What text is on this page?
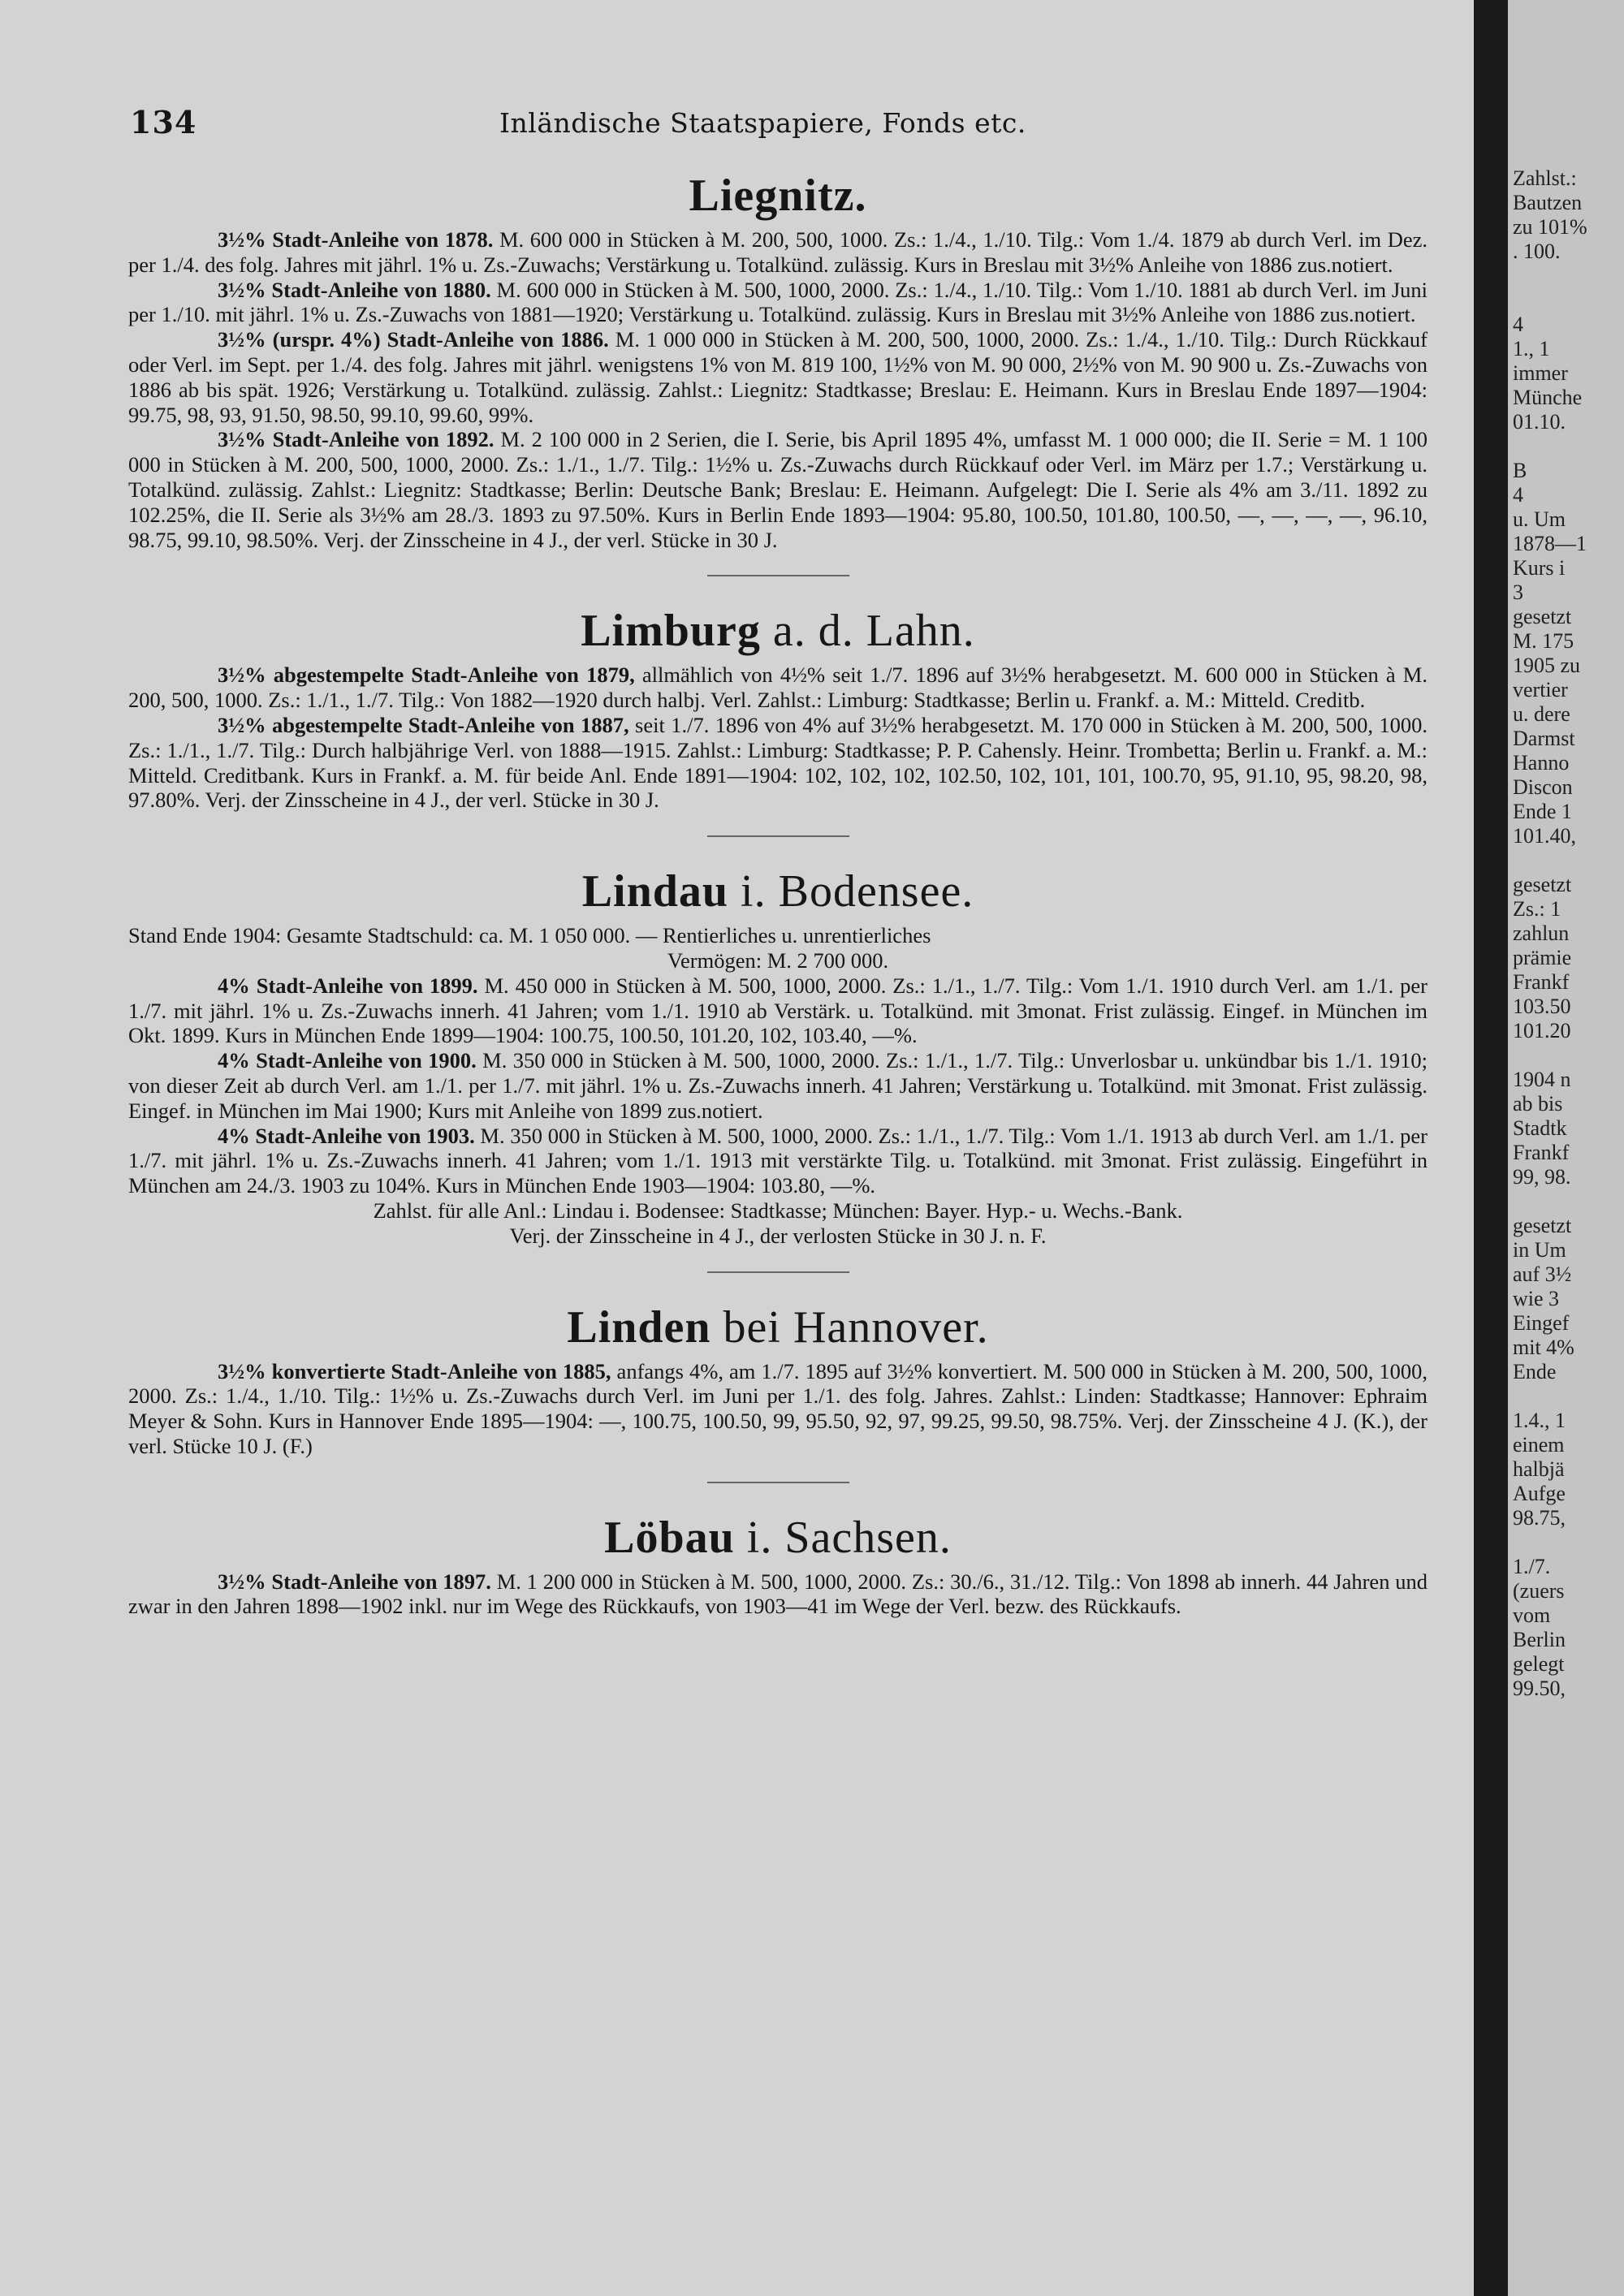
134	Inländische Staatspapiere, Fonds etc.
Liegnitz.

3½% Stadt-Anleihe von 1878. M. 600 000 in Stücken à M. 200, 500, 1000. Zs.: 1./4., 1./10. Tilg.: Vom 1./4. 1879 ab durch Verl. im Dez. per 1./4. des folg. Jahres mit jährl. 1% u. Zs.-Zuwachs; Verstärkung u. Totalkünd. zulässig. Kurs in Breslau mit 3½% Anleihe von 1886 zus.notiert.

3½% Stadt-Anleihe von 1880. M. 600 000 in Stücken à M. 500, 1000, 2000. Zs.: 1./4., 1./10. Tilg.: Vom 1./10. 1881 ab durch Verl. im Juni per 1./10. mit jährl. 1% u. Zs.-Zuwachs von 1881—1920; Verstärkung u. Totalkünd. zulässig. Kurs in Breslau mit 3½% Anleihe von 1886 zus.notiert.

3½% (urspr. 4%) Stadt-Anleihe von 1886. M. 1 000 000 in Stücken à M. 200, 500, 1000, 2000. Zs.: 1./4., 1./10. Tilg.: Durch Rückkauf oder Verl. im Sept. per 1./4. des folg. Jahres mit jährl. wenigstens 1% von M. 819 100, 1½% von M. 90 000, 2½% von M. 90 900 u. Zs.-Zuwachs von 1886 ab bis spät. 1926; Verstärkung u. Totalkünd. zulässig. Zahlst.: Liegnitz: Stadtkasse; Breslau: E. Heimann. Kurs in Breslau Ende 1897—1904: 99.75, 98, 93, 91.50, 98.50, 99.10, 99.60, 99%.

3½% Stadt-Anleihe von 1892. M. 2 100 000 in 2 Serien, die I. Serie, bis April 1895 4%, umfasst M. 1 000 000; die II. Serie = M. 1 100 000 in Stücken à M. 200, 500, 1000, 2000. Zs.: 1./1., 1./7. Tilg.: 1½% u. Zs.-Zuwachs durch Rückkauf oder Verl. im März per 1.7.; Verstärkung u. Totalkünd. zulässig. Zahlst.: Liegnitz: Stadtkasse; Berlin: Deutsche Bank; Breslau: E. Heimann. Aufgelegt: Die I. Serie als 4% am 3./11. 1892 zu 102.25%, die II. Serie als 3½% am 28./3. 1893 zu 97.50%. Kurs in Berlin Ende 1893—1904: 95.80, 100.50, 101.80, 100.50, —, —, —, —, 96.10, 98.75, 99.10, 98.50%. Verj. der Zinsscheine in 4 J., der verl. Stücke in 30 J.

Limburg a. d. Lahn.

3½% abgestempelte Stadt-Anleihe von 1879, allmählich von 4½% seit 1./7. 1896 auf 3½% herabgesetzt. M. 600 000 in Stücken à M. 200, 500, 1000. Zs.: 1./1., 1./7. Tilg.: Von 1882—1920 durch halbj. Verl. Zahlst.: Limburg: Stadtkasse; Berlin u. Frankf. a. M.: Mitteld. Creditb.

3½% abgestempelte Stadt-Anleihe von 1887, seit 1./7. 1896 von 4% auf 3½% herabgesetzt. M. 170 000 in Stücken à M. 200, 500, 1000. Zs.: 1./1., 1./7. Tilg.: Durch halbjährige Verl. von 1888—1915. Zahlst.: Limburg: Stadtkasse; P. P. Cahensly. Heinr. Trombetta; Berlin u. Frankf. a. M.: Mitteld. Creditbank. Kurs in Frankf. a. M. für beide Anl. Ende 1891—1904: 102, 102, 102, 102.50, 102, 101, 101, 100.70, 95, 91.10, 95, 98.20, 98, 97.80%. Verj. der Zinsscheine in 4 J., der verl. Stücke in 30 J.

Lindau i. Bodensee.
Stand Ende 1904: Gesamte Stadtschuld: ca. M. 1 050 000. — Rentierliches u. unrentierliches
Vermögen: M. 2 700 000.

4% Stadt-Anleihe von 1899. M. 450 000 in Stücken à M. 500, 1000, 2000. Zs.: 1./1., 1./7. Tilg.: Vom 1./1. 1910 durch Verl. am 1./1. per 1./7. mit jährl. 1% u. Zs.-Zuwachs innerh. 41 Jahren; vom 1./1. 1910 ab Verstärk. u. Totalkünd. mit 3monat. Frist zulässig. Eingef. in München im Okt. 1899. Kurs in München Ende 1899—1904: 100.75, 100.50, 101.20, 102, 103.40, —%.

4% Stadt-Anleihe von 1900. M. 350 000 in Stücken à M. 500, 1000, 2000. Zs.: 1./1., 1./7. Tilg.: Unverlosbar u. unkündbar bis 1./1. 1910; von dieser Zeit ab durch Verl. am 1./1. per 1./7. mit jährl. 1% u. Zs.-Zuwachs innerh. 41 Jahren; Verstärkung u. Totalkünd. mit 3monat. Frist zulässig. Eingef. in München im Mai 1900; Kurs mit Anleihe von 1899 zus.notiert.

4% Stadt-Anleihe von 1903. M. 350 000 in Stücken à M. 500, 1000, 2000. Zs.: 1./1., 1./7. Tilg.: Vom 1./1. 1913 ab durch Verl. am 1./1. per 1./7. mit jährl. 1% u. Zs.-Zuwachs innerh. 41 Jahren; vom 1./1. 1913 mit verstärkte Tilg. u. Totalkünd. mit 3monat. Frist zulässig. Eingeführt in München am 24./3. 1903 zu 104%. Kurs in München Ende 1903—1904: 103.80, —%.

Zahlst. für alle Anl.: Lindau i. Bodensee: Stadtkasse; München: Bayer. Hyp.- u. Wechs.-Bank.
Verj. der Zinsscheine in 4 J., der verlosten Stücke in 30 J. n. F.
Linden bei Hannover.

3½% konvertierte Stadt-Anleihe von 1885, anfangs 4%, am 1./7. 1895 auf 3½% konvertiert. M. 500 000 in Stücken à M. 200, 500, 1000, 2000. Zs.: 1./4., 1./10. Tilg.: 1½% u. Zs.-Zuwachs durch Verl. im Juni per 1./1. des folg. Jahres. Zahlst.: Linden: Stadtkasse; Hannover: Ephraim Meyer & Sohn. Kurs in Hannover Ende 1895—1904: —, 100.75, 100.50, 99, 95.50, 92, 97, 99.25, 99.50, 98.75%. Verj. der Zinsscheine 4 J. (K.), der verl. Stücke 10 J. (F.)

Löbau i. Sachsen.

3½% Stadt-Anleihe von 1897. M. 1 200 000 in Stücken à M. 500, 1000, 2000. Zs.: 30./6., 31./12. Tilg.: Von 1898 ab innerh. 44 Jahren und zwar in den Jahren 1898—1902 inkl. nur im Wege des Rückkaufs, von 1903—41 im Wege der Verl. bezw. des Rückkaufs.

Zahlst.:
Bautzen
zu 101%
. 100.

4
1., 1
immer
Münche
01.10.

B
4
u. Um
1878—1
Kurs i
3
gesetzt
M. 175
1905 zu
vertier
u. dere
Darmst
Hanno
Discon
Ende 1
101.40,

gesetzt
Zs.: 1
zahlun
prämie
Frankf
103.50
101.20

1904 n
ab bis
Stadtk
Frankf
99, 98.

gesetzt
in Um
auf 3½
wie 3
Eingef
mit 4%
Ende

1.4., 1
einem
halbjä
Aufge
98.75,

1./7.
(zuers
vom
Berlin
gelegt
99.50,
